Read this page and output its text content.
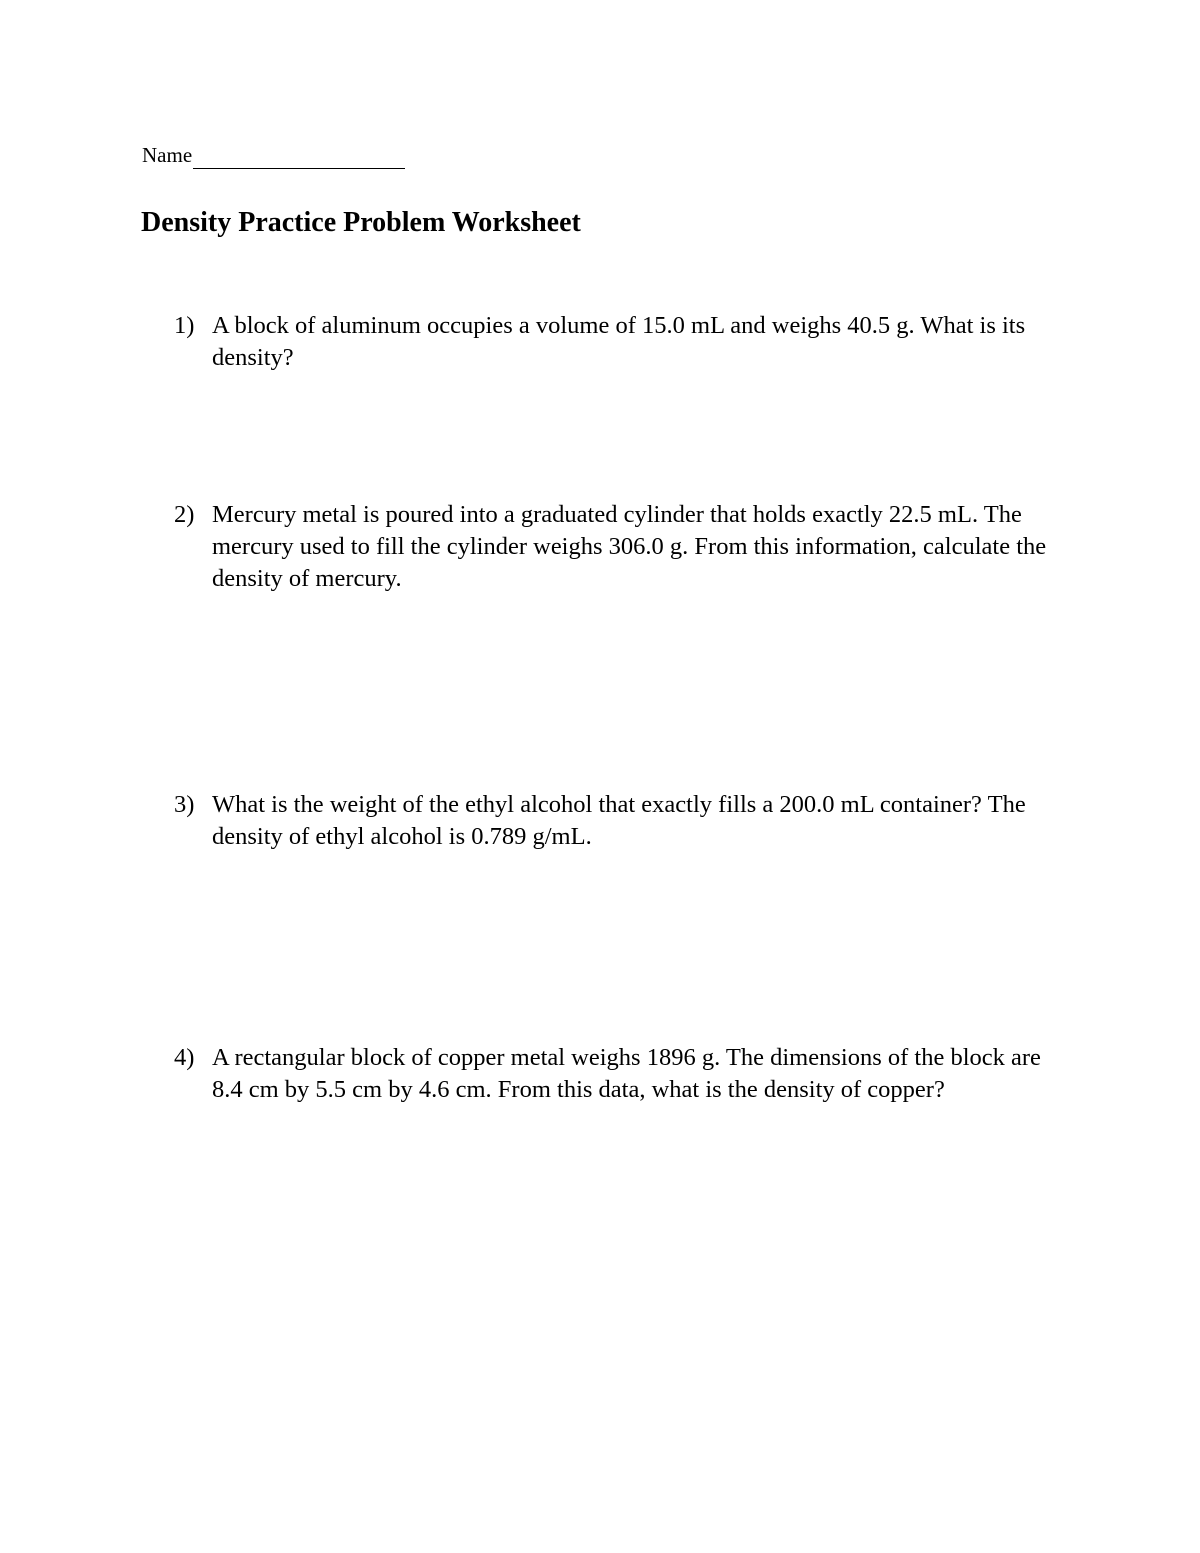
Name
Density Practice Problem Worksheet
1) A block of aluminum occupies a volume of 15.0 mL and weighs 40.5 g. What is its density?
2) Mercury metal is poured into a graduated cylinder that holds exactly 22.5 mL. The mercury used to fill the cylinder weighs 306.0 g. From this information, calculate the density of mercury.
3) What is the weight of the ethyl alcohol that exactly fills a 200.0 mL container? The density of ethyl alcohol is 0.789 g/mL.
4) A rectangular block of copper metal weighs 1896 g. The dimensions of the block are 8.4 cm by 5.5 cm by 4.6 cm. From this data, what is the density of copper?
